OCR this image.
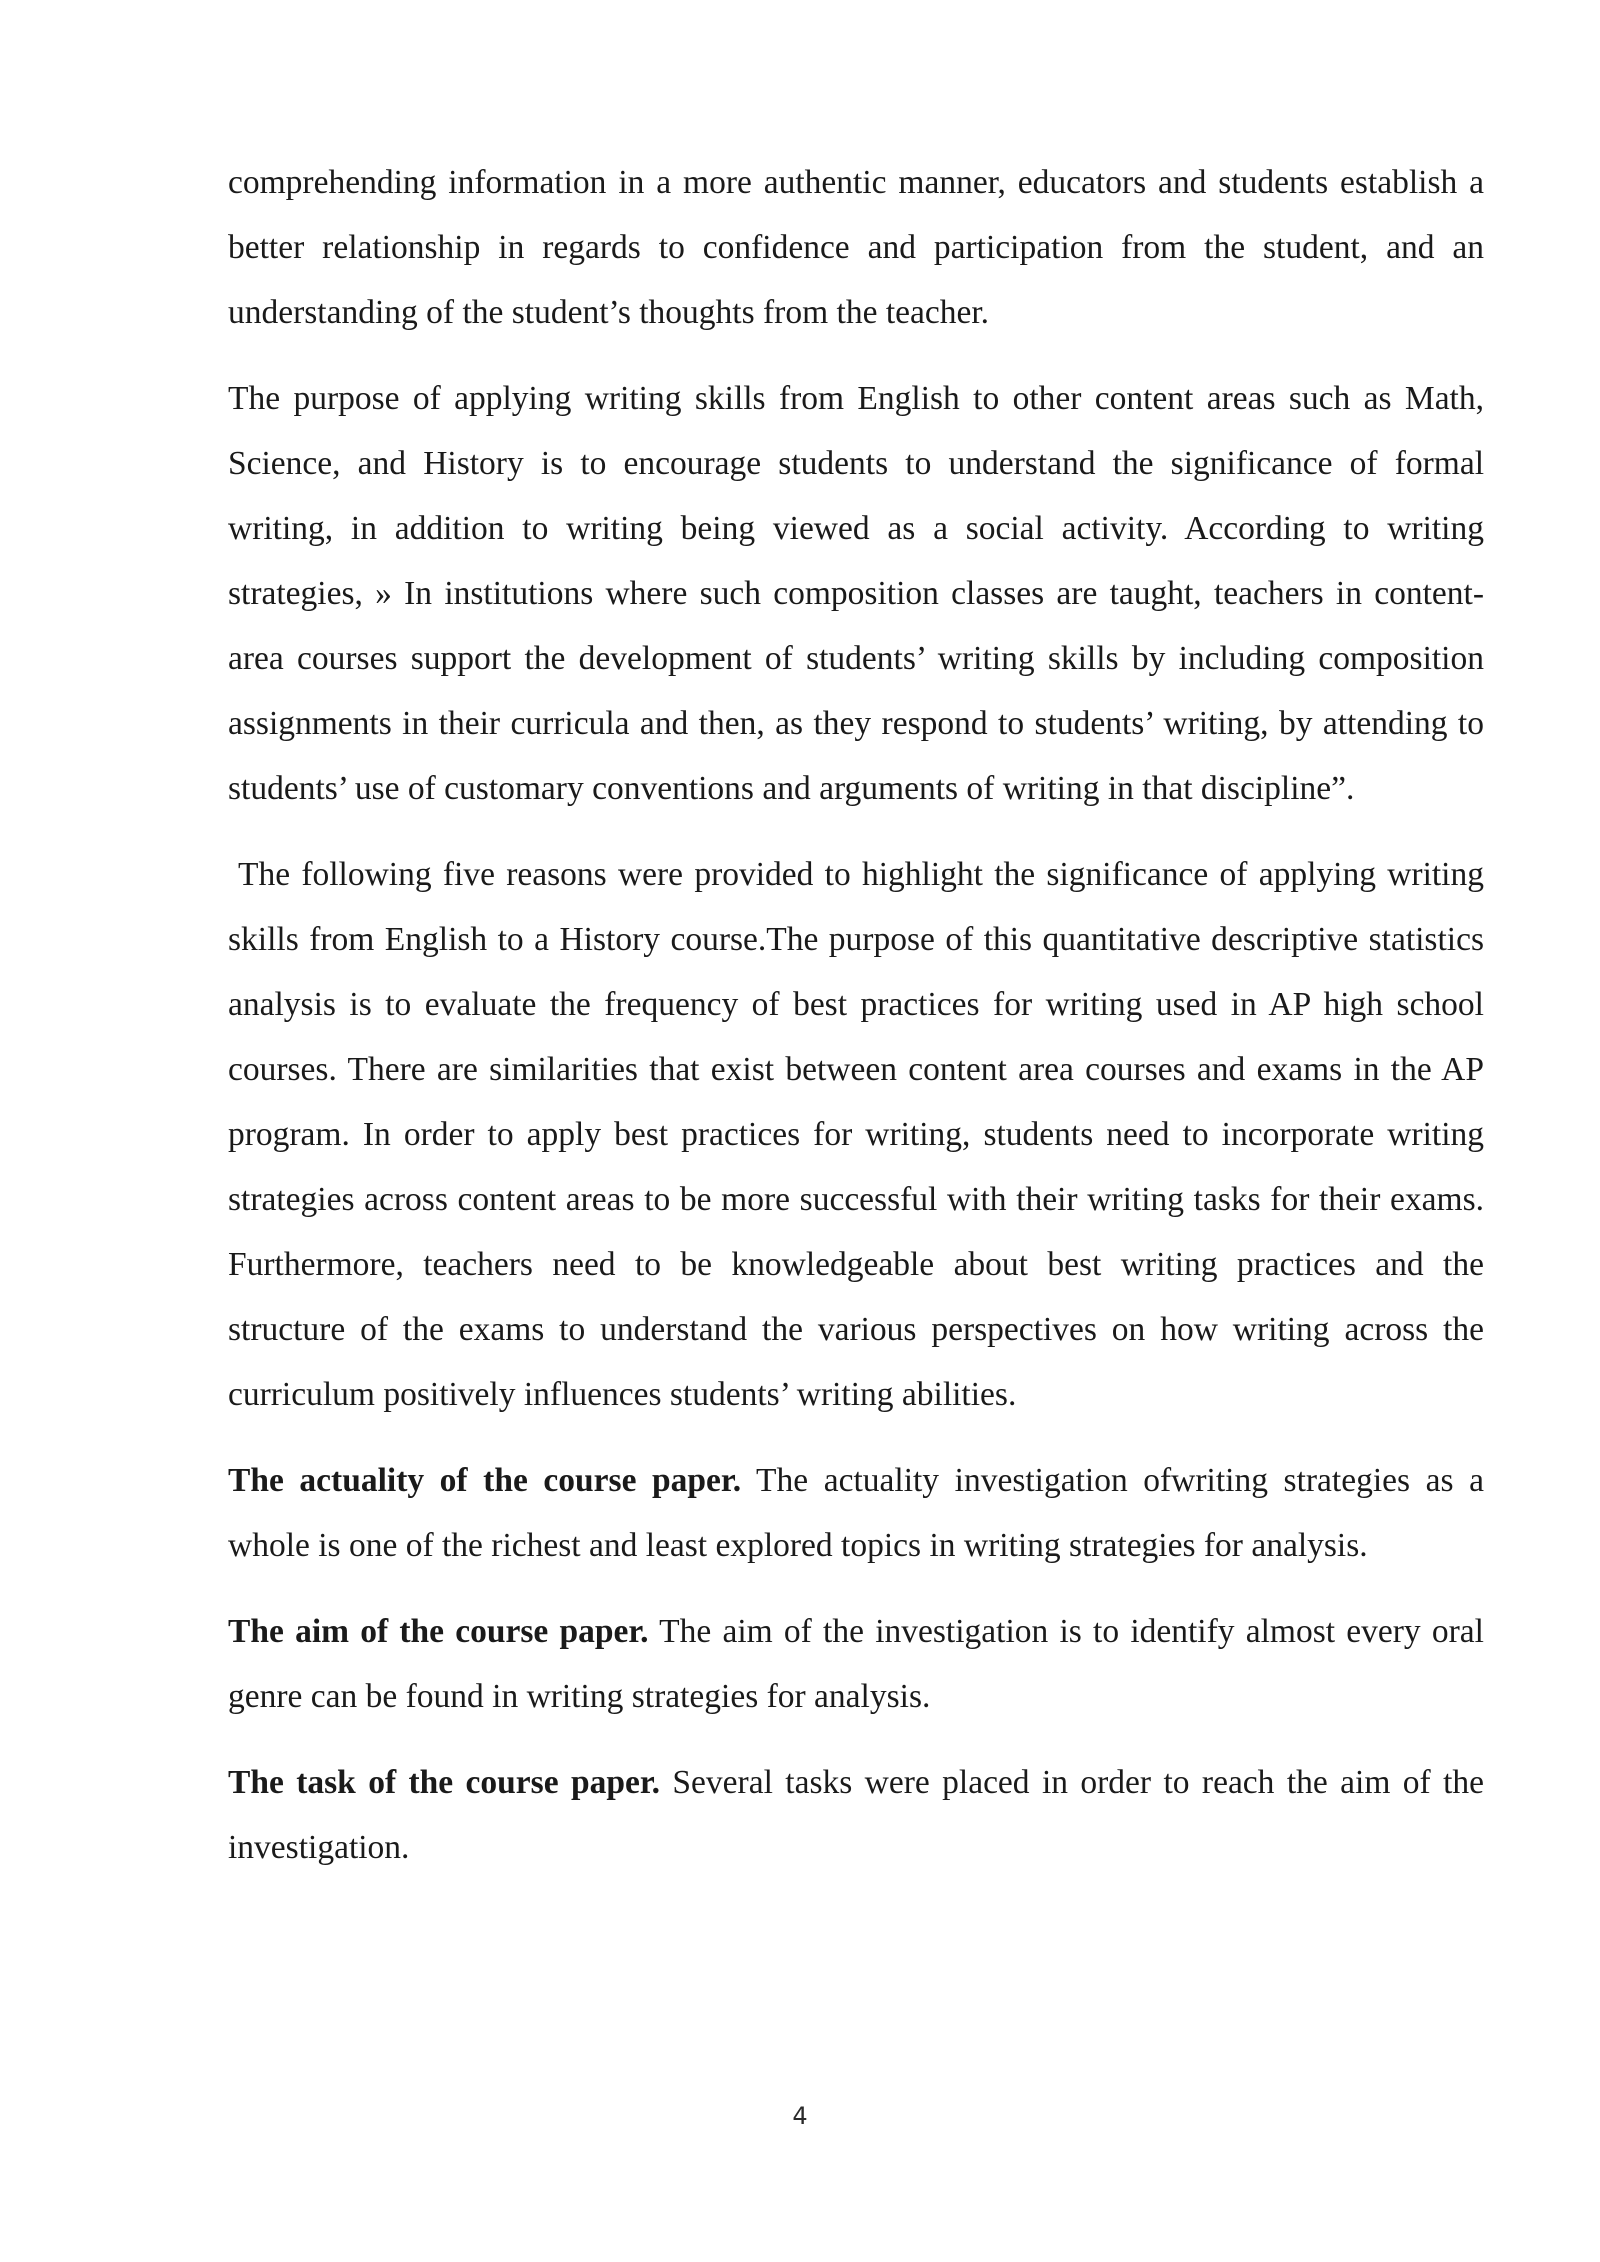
comprehending information in a more authentic manner, educators and students establish a better relationship in regards to confidence and participation from the student, and an understanding of the student’s thoughts from the teacher.

The purpose of applying writing skills from English to other content areas such as Math, Science, and History is to encourage students to understand the significance of formal writing, in addition to writing being viewed as a social activity. According to writing strategies, » In institutions where such composition classes are taught, teachers in content-area courses support the development of students’ writing skills by including composition assignments in their curricula and then, as they respond to students’ writing, by attending to students’ use of customary conventions and arguments of writing in that discipline”.

The following five reasons were provided to highlight the significance of applying writing skills from English to a History course.The purpose of this quantitative descriptive statistics analysis is to evaluate the frequency of best practices for writing used in AP high school courses. There are similarities that exist between content area courses and exams in the AP program. In order to apply best practices for writing, students need to incorporate writing strategies across content areas to be more successful with their writing tasks for their exams. Furthermore, teachers need to be knowledgeable about best writing practices and the structure of the exams to understand the various perspectives on how writing across the curriculum positively influences students’ writing abilities.

The actuality of the course paper. The actuality investigation ofwriting strategies as a whole is one of the richest and least explored topics in writing strategies for analysis.

The aim of the course paper. The aim of the investigation is to identify almost every oral genre can be found in writing strategies for analysis.

The task of the course paper. Several tasks were placed in order to reach the aim of the investigation.

4
